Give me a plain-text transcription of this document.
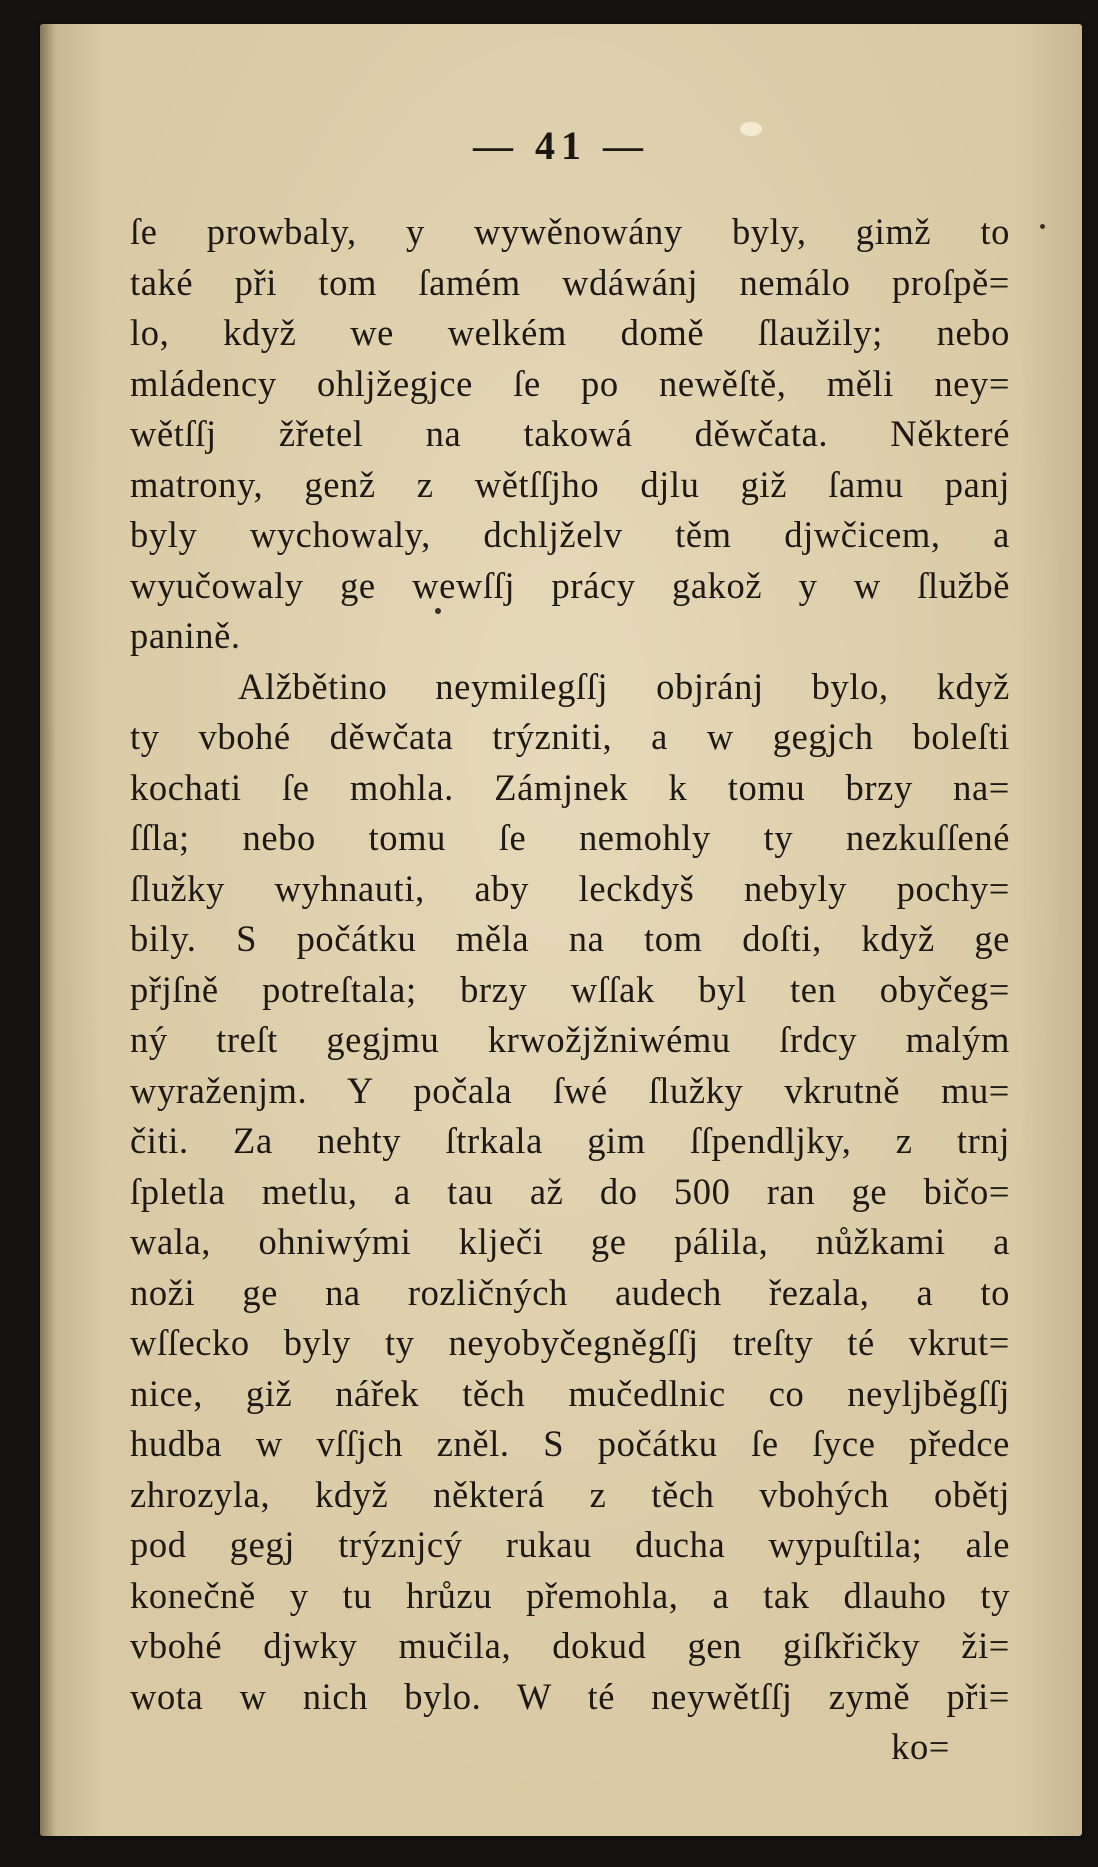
— 41 —
ſe prowbaly, y wywěnowány byly, gimž to
také při tom ſamém wdáwánj nemálo proſpě=
lo, když we welkém domě ſlaužily; nebo
mládency ohljžegjce ſe po newěſtě, měli ney=
wětſſj žřetel na takowá děwčata. Některé
matrony, genž z wětſſjho djlu giž ſamu panj
byly wychowaly, dchljželv těm djwčicem, a
wyučowaly ge wewſſj prácy gakož y w ſlužbě
panině.
Alžbětino neymilegſſj objránj bylo, když
ty vbohé děwčata trýzniti, a w gegjch boleſti
kochati ſe mohla. Zámjnek k tomu brzy na=
ſſla; nebo tomu ſe nemohly ty nezkuſſené
ſlužky wyhnauti, aby leckdyš nebyly pochy=
bily. S počátku měla na tom doſti, když ge
přjſně potreſtala; brzy wſſak byl ten obyčeg=
ný treſt gegjmu krwožjžniwému ſrdcy malým
wyraženjm. Y počala ſwé ſlužky vkrutně mu=
čiti. Za nehty ſtrkala gim ſſpendljky, z trnj
ſpletla metlu, a tau až do 500 ran ge bičo=
wala, ohniwými klječi ge pálila, nůžkami a
noži ge na rozličných audech řezala, a to
wſſecko byly ty neyobyčegněgſſj treſty té vkrut=
nice, giž nářek těch mučedlnic co neyljběgſſj
hudba w vſſjch zněl. S počátku ſe ſyce předce
zhrozyla, když některá z těch vbohých obětj
pod gegj trýznjcý rukau ducha wypuſtila; ale
konečně y tu hrůzu přemohla, a tak dlauho ty
vbohé djwky mučila, dokud gen giſkřičky ži=
wota w nich bylo. W té neywětſſj zymě při=
ko=
